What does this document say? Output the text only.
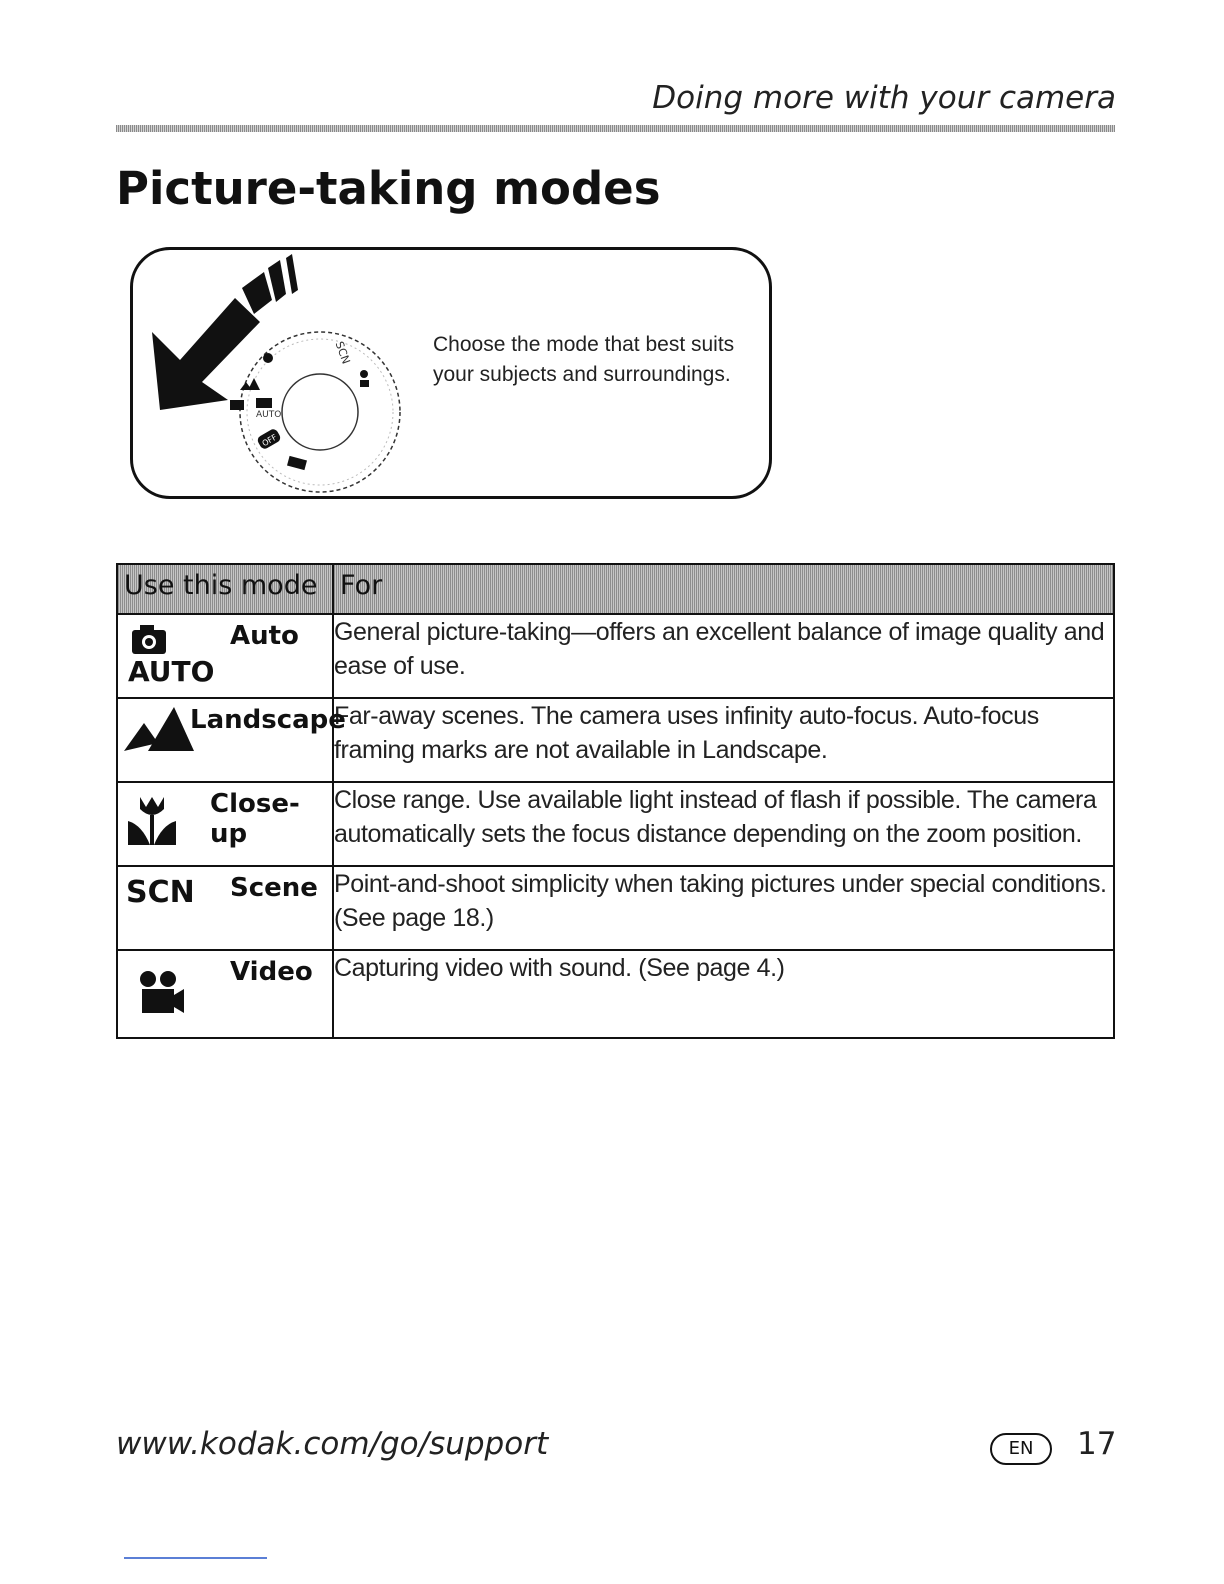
Doing more with your camera
Picture-taking modes
AUTO
OFF
SCN	Choose the mode that best suits
your subjects and surroundings.

Use this mode	For

AUTO
Auto	General picture-taking—offers an excellent balance of image quality and ease of use.

Landscape	Far-away scenes. The camera uses infinity auto-focus. Auto-focus framing marks are not available in Landscape.

Close-up	Close range. Use available light instead of flash if possible. The camera automatically sets the focus distance depending on the zoom position.

SCN Scene	Point-and-shoot simplicity when taking pictures under special conditions. (See page 18.)

Video	Capturing video with sound. (See page 4.)
www.kodak.com/go/support	EN	17
